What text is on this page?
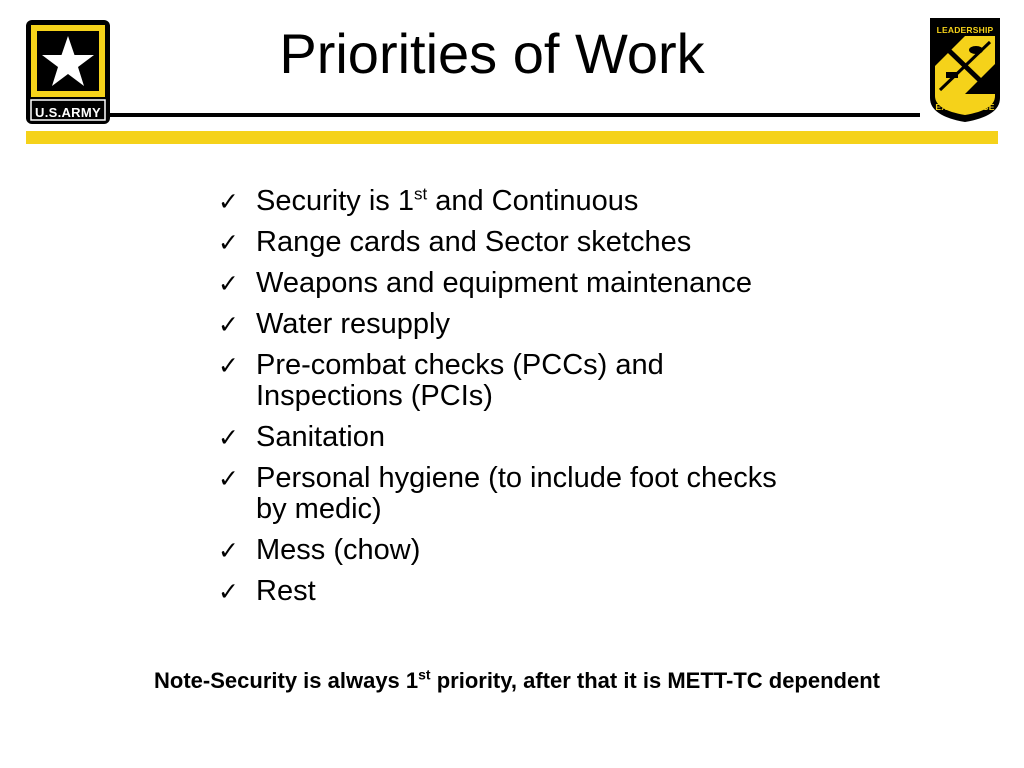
U.S.ARMY
Priorities of Work	LEADERSHIP
EXCELLENCE
✓ Security is 1st and Continuous
✓ Range cards and Sector sketches
✓ Weapons and equipment maintenance
✓ Water resupply
✓ Pre-combat checks (PCCs) and
Inspections (PCIs)
✓ Sanitation
✓ Personal hygiene (to include foot checks
by medic)
✓ Mess (chow)
✓ Rest
Note-Security is always 1st priority, after that it is METT-TC dependent
